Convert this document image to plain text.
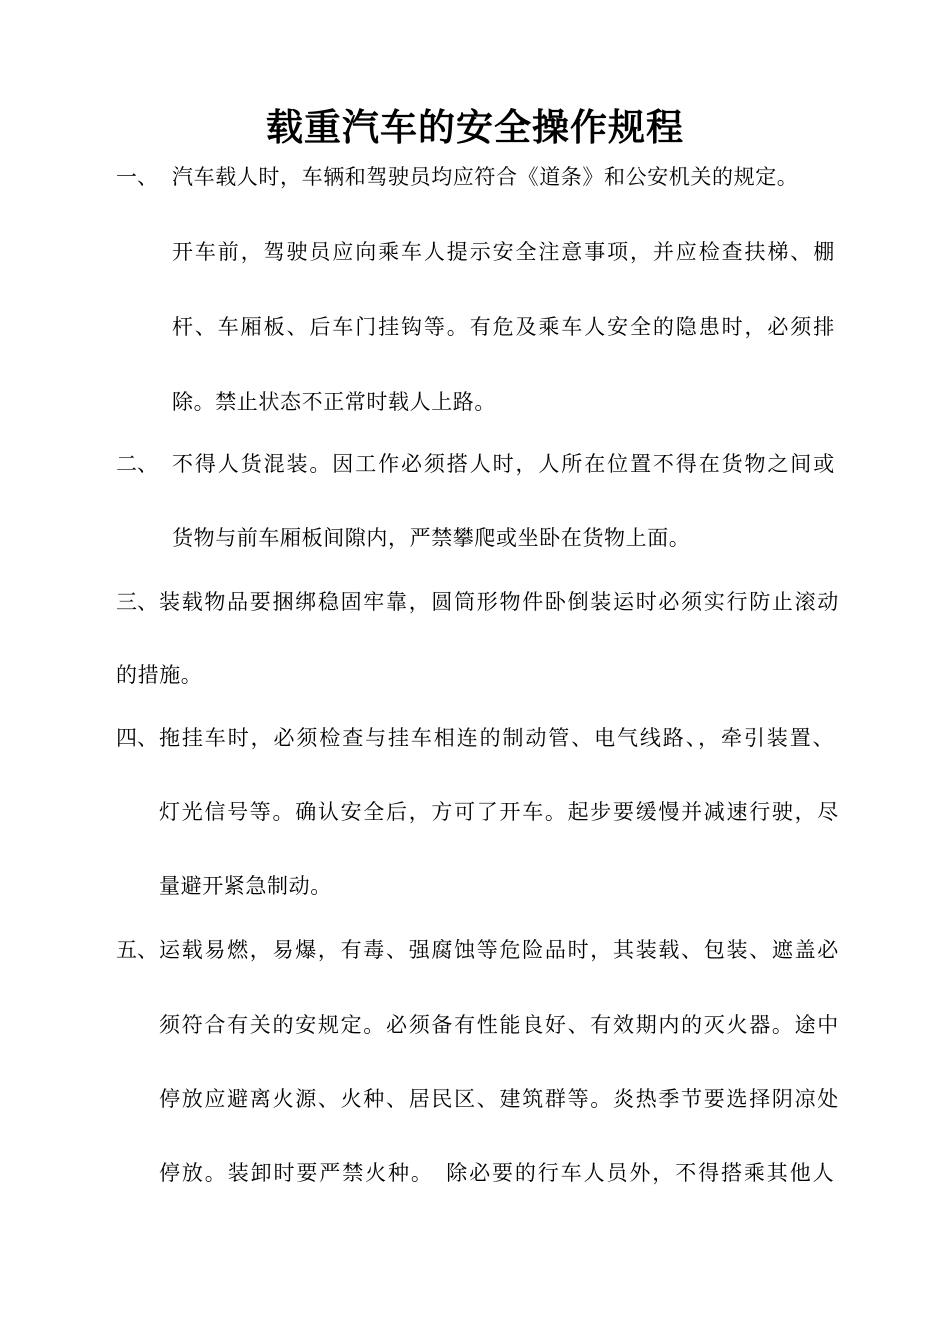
载重汽车的安全操作规程
一、 汽车载人时，车辆和驾驶员均应符合《道条》和公安机关的规定。
开车前，驾驶员应向乘车人提示安全注意事项，并应检查扶梯、棚
杆、车厢板、后车门挂钩等。有危及乘车人安全的隐患时，必须排
除。禁止状态不正常时载人上路。
二、 不得人货混装。因工作必须搭人时，人所在位置不得在货物之间或
货物与前车厢板间隙内，严禁攀爬或坐卧在货物上面。
三、 装载物品要捆绑稳固牢靠，圆筒形物件卧倒装运时必须实行防止滚动
的措施。
四、 拖挂车时，必须检查与挂车相连的制动管、电气线路、，牵引装置、
灯光信号等。确认安全后，方可了开车。起步要缓慢并减速行驶，尽
量避开紧急制动。
五、 运载易燃，易爆，有毒、强腐蚀等危险品时，其装载、包装、遮盖必
须符合有关的安规定。必须备有性能良好、有效期内的灭火器。途中
停放应避离火源、火种、居民区、建筑群等。炎热季节要选择阴凉处
停放。装卸时要严禁火种。　除必要的行车人员外，不得搭乘其他人
